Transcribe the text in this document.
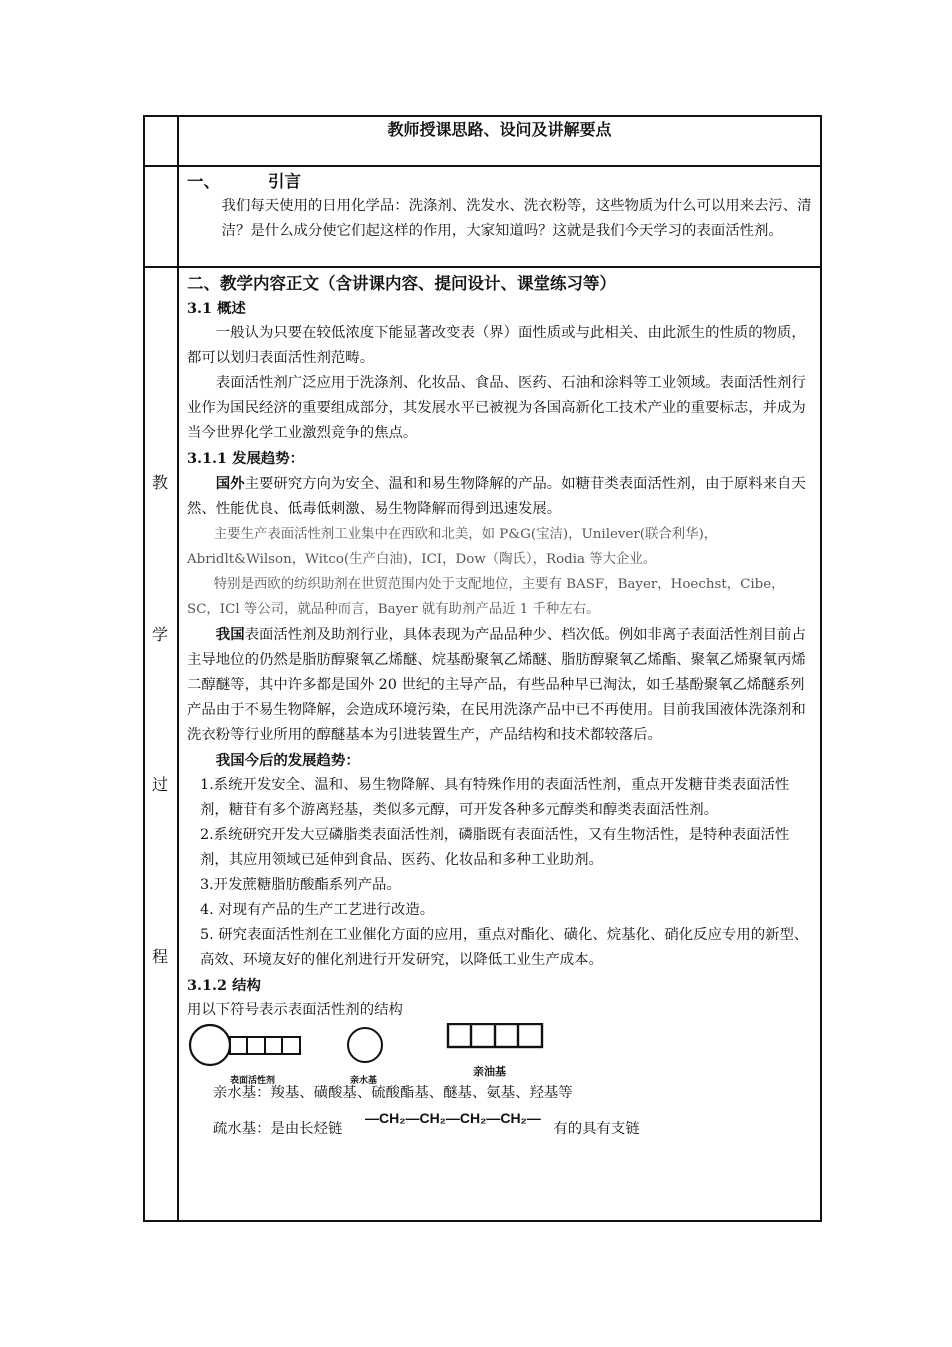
教师授课思路、设问及讲解要点
教
学
过
程

一、	引言

我们每天使用的日用化学品：洗涤剂、洗发水、洗衣粉等，这些物质为什么可以用来去污、清洁？是什么成分使它们起这样的作用，大家知道吗？这就是我们今天学习的表面活性剂。

二、教学内容正文（含讲课内容、提问设计、课堂练习等）

3.1 概述

一般认为只要在较低浓度下能显著改变表（界）面性质或与此相关、由此派生的性质的物质，都可以划归表面活性剂范畴。

表面活性剂广泛应用于洗涤剂、化妆品、食品、医药、石油和涂料等工业领域。表面活性剂行业作为国民经济的重要组成部分，其发展水平已被视为各国高新化工技术产业的重要标志，并成为当今世界化学工业激烈竞争的焦点。

3.1.1 发展趋势：

国外主要研究方向为安全、温和和易生物降解的产品。如糖苷类表面活性剂，由于原料来自天然、性能优良、低毒低刺激、易生物降解而得到迅速发展。

主要生产表面活性剂工业集中在西欧和北美，如 P&G(宝洁)，Unilever(联合利华)，Abridlt&Wilson，Witco(生产白油)，ICI，Dow（陶氏），Rodia 等大企业。

特别是西欧的纺织助剂在世贸范围内处于支配地位，主要有 BASF，Bayer，Hoechst，Cibe，SC，ICl 等公司，就品种而言，Bayer 就有助剂产品近 1 千种左右。

我国表面活性剂及助剂行业，具体表现为产品品种少、档次低。例如非离子表面活性剂目前占主导地位的仍然是脂肪醇聚氧乙烯醚、烷基酚聚氧乙烯醚、脂肪醇聚氧乙烯酯、聚氧乙烯聚氧丙烯二醇醚等，其中许多都是国外 20 世纪的主导产品，有些品种早已淘汰，如壬基酚聚氧乙烯醚系列产品由于不易生物降解，会造成环境污染，在民用洗涤产品中已不再使用。目前我国液体洗涤剂和洗衣粉等行业所用的醇醚基本为引进装置生产，产品结构和技术都较落后。

我国今后的发展趋势：

1.系统开发安全、温和、易生物降解、具有特殊作用的表面活性剂，重点开发糖苷类表面活性剂，糖苷有多个游离羟基，类似多元醇，可开发各种多元醇类和醇类表面活性剂。

2.系统研究开发大豆磷脂类表面活性剂，磷脂既有表面活性，又有生物活性，是特种表面活性剂，其应用领域已延伸到食品、医药、化妆品和多种工业助剂。

3.开发蔗糖脂肪酸酯系列产品。

4. 对现有产品的生产工艺进行改造。

5. 研究表面活性剂在工业催化方面的应用，重点对酯化、磺化、烷基化、硝化反应专用的新型、高效、环境友好的催化剂进行开发研究，以降低工业生产成本。

3.1.2 结构

用以下符号表示表面活性剂的结构

表面活性剂	亲水基
亲油基

亲水基：羧基、磺酸基、硫酸酯基、醚基、氨基、羟基等

疏水基：是由长烃链 —CH₂—CH₂—CH₂—CH₂— 有的具有支链
